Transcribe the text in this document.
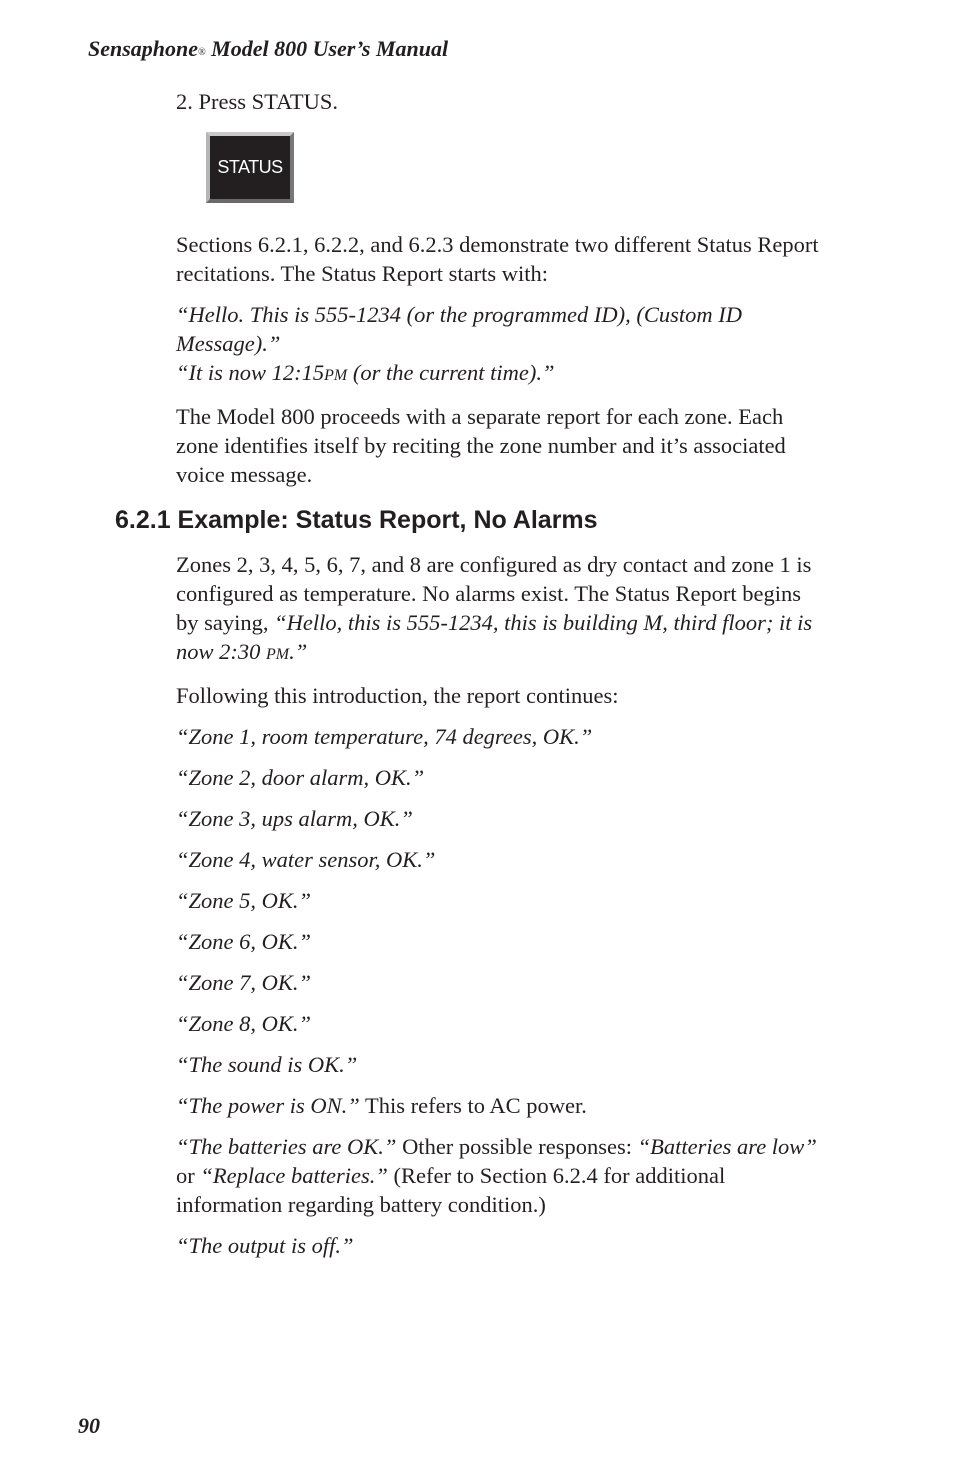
Sensaphone® Model 800 User’s Manual

2. Press STATUS.

STATUS

Sections 6.2.1, 6.2.2, and 6.2.3 demonstrate two different Status Report recitations. The Status Report starts with:

“Hello. This is 555-1234 (or the programmed ID), (Custom ID Message).”

“It is now 12:15PM (or the current time).”

The Model 800 proceeds with a separate report for each zone. Each zone identifies itself by reciting the zone number and it’s associated voice message.

6.2.1 Example: Status Report, No Alarms

Zones 2, 3, 4, 5, 6, 7, and 8 are configured as dry contact and zone 1 is configured as temperature. No alarms exist. The Status Report begins by saying, “Hello, this is 555-1234, this is building M, third floor; it is now 2:30 PM.”

Following this introduction, the report continues:

“Zone 1, room temperature, 74 degrees, OK.”

“Zone 2, door alarm, OK.”

“Zone 3, ups alarm, OK.”

“Zone 4, water sensor, OK.”

“Zone 5, OK.”

“Zone 6, OK.”

“Zone 7, OK.”

“Zone 8, OK.”

“The sound is OK.”

“The power is ON.” This refers to AC power.

“The batteries are OK.” Other possible responses: “Batteries are low” or “Replace batteries.” (Refer to Section 6.2.4 for additional information regarding battery condition.)

“The output is off.”

90
